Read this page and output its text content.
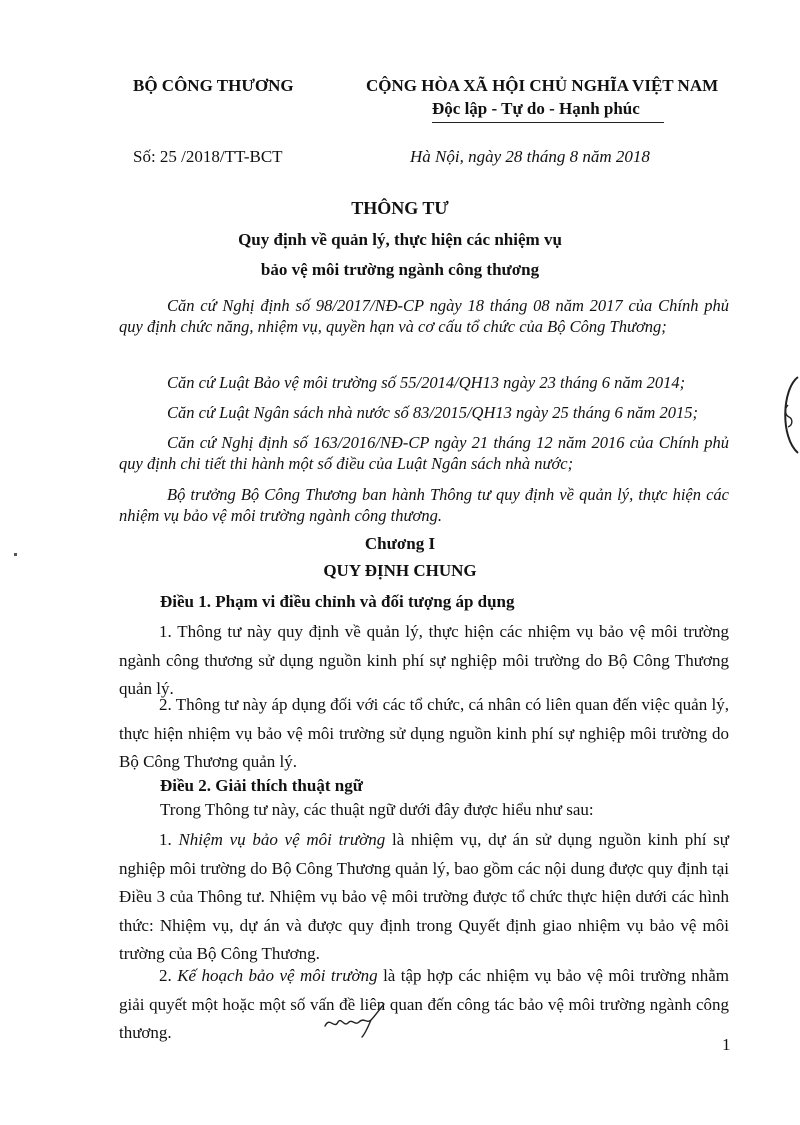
BỘ CÔNG THƯƠNG	CỘNG HÒA XÃ HỘI CHỦ NGHĨA VIỆT NAM
Độc lập - Tự do - Hạnh phúc
Số: 25 /2018/TT-BCT	Hà Nội, ngày 28 tháng 8 năm 2018
THÔNG TƯ
Quy định về quản lý, thực hiện các nhiệm vụ
bảo vệ môi trường ngành công thương
Căn cứ Nghị định số 98/2017/NĐ-CP ngày 18 tháng 08 năm 2017 của Chính phủ quy định chức năng, nhiệm vụ, quyền hạn và cơ cấu tổ chức của Bộ Công Thương;
Căn cứ Luật Bảo vệ môi trường số 55/2014/QH13 ngày 23 tháng 6 năm 2014;
Căn cứ Luật Ngân sách nhà nước số 83/2015/QH13 ngày 25 tháng 6 năm 2015;
Căn cứ Nghị định số 163/2016/NĐ-CP ngày 21 tháng 12 năm 2016 của Chính phủ quy định chi tiết thi hành một số điều của Luật Ngân sách nhà nước;
Bộ trưởng Bộ Công Thương ban hành Thông tư quy định về quản lý, thực hiện các nhiệm vụ bảo vệ môi trường ngành công thương.
Chương I
QUY ĐỊNH CHUNG
Điều 1. Phạm vi điều chỉnh và đối tượng áp dụng
1. Thông tư này quy định về quản lý, thực hiện các nhiệm vụ bảo vệ môi trường ngành công thương sử dụng nguồn kinh phí sự nghiệp môi trường do Bộ Công Thương quản lý.
2. Thông tư này áp dụng đối với các tổ chức, cá nhân có liên quan đến việc quản lý, thực hiện nhiệm vụ bảo vệ môi trường sử dụng nguồn kinh phí sự nghiệp môi trường do Bộ Công Thương quản lý.
Điều 2. Giải thích thuật ngữ
Trong Thông tư này, các thuật ngữ dưới đây được hiểu như sau:
1. Nhiệm vụ bảo vệ môi trường là nhiệm vụ, dự án sử dụng nguồn kinh phí sự nghiệp môi trường do Bộ Công Thương quản lý, bao gồm các nội dung được quy định tại Điều 3 của Thông tư. Nhiệm vụ bảo vệ môi trường được tổ chức thực hiện dưới các hình thức: Nhiệm vụ, dự án và được quy định trong Quyết định giao nhiệm vụ bảo vệ môi trường của Bộ Công Thương.
2. Kế hoạch bảo vệ môi trường là tập hợp các nhiệm vụ bảo vệ môi trường nhằm giải quyết một hoặc một số vấn đề liên quan đến công tác bảo vệ môi trường ngành công thương.
1
